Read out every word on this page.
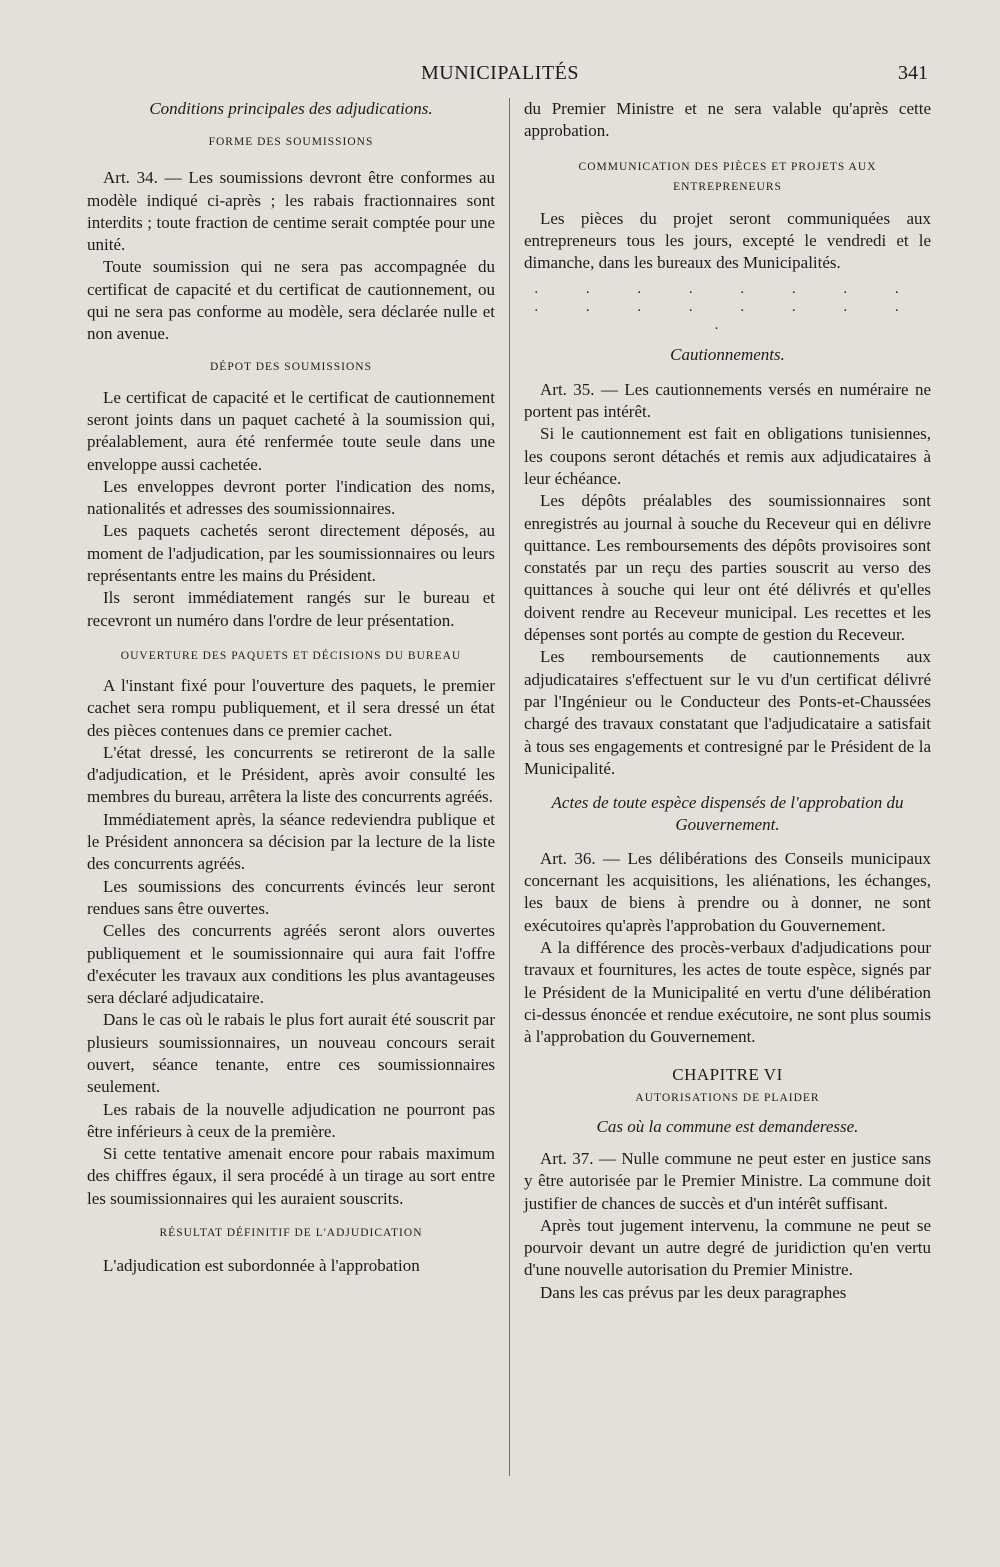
MUNICIPALITÉS	341
Conditions principales des adjudications.
FORME DES SOUMISSIONS

Art. 34. — Les soumissions devront être conformes au modèle indiqué ci-après ; les rabais fractionnaires sont interdits ; toute fraction de centime serait comptée pour une unité.

Toute soumission qui ne sera pas accompagnée du certificat de capacité et du certificat de cautionnement, ou qui ne sera pas conforme au modèle, sera déclarée nulle et non avenue.

DÉPOT DES SOUMISSIONS

Le certificat de capacité et le certificat de cautionnement seront joints dans un paquet cacheté à la soumission qui, préalablement, aura été renfermée toute seule dans une enveloppe aussi cachetée.

Les enveloppes devront porter l'indication des noms, nationalités et adresses des soumissionnaires.

Les paquets cachetés seront directement déposés, au moment de l'adjudication, par les soumissionnaires ou leurs représentants entre les mains du Président.

Ils seront immédiatement rangés sur le bureau et recevront un numéro dans l'ordre de leur présentation.

OUVERTURE DES PAQUETS ET DÉCISIONS DU BUREAU

A l'instant fixé pour l'ouverture des paquets, le premier cachet sera rompu publiquement, et il sera dressé un état des pièces contenues dans ce premier cachet.

L'état dressé, les concurrents se retireront de la salle d'adjudication, et le Président, après avoir consulté les membres du bureau, arrêtera la liste des concurrents agréés.

Immédiatement après, la séance redeviendra publique et le Président annoncera sa décision par la lecture de la liste des concurrents agréés.

Les soumissions des concurrents évincés leur seront rendues sans être ouvertes.

Celles des concurrents agréés seront alors ouvertes publiquement et le soumissionnaire qui aura fait l'offre d'exécuter les travaux aux conditions les plus avantageuses sera déclaré adjudicataire.

Dans le cas où le rabais le plus fort aurait été souscrit par plusieurs soumissionnaires, un nouveau concours serait ouvert, séance tenante, entre ces soumissionnaires seulement.

Les rabais de la nouvelle adjudication ne pourront pas être inférieurs à ceux de la première.

Si cette tentative amenait encore pour rabais maximum des chiffres égaux, il sera procédé à un tirage au sort entre les soumissionnaires qui les auraient souscrits.

RÉSULTAT DÉFINITIF DE L'ADJUDICATION

L'adjudication est subordonnée à l'approbation

du Premier Ministre et ne sera valable qu'après cette approbation.

COMMUNICATION DES PIÈCES ET PROJETS AUX
ENTREPRENEURS

Les pièces du projet seront communiquées aux entrepreneurs tous les jours, excepté le vendredi et le dimanche, dans les bureaux des Municipalités.

. . . . . . . . . . . . . . . . .
Cautionnements.

Art. 35. — Les cautionnements versés en numéraire ne portent pas intérêt.

Si le cautionnement est fait en obligations tunisiennes, les coupons seront détachés et remis aux adjudicataires à leur échéance.

Les dépôts préalables des soumissionnaires sont enregistrés au journal à souche du Receveur qui en délivre quittance. Les remboursements des dépôts provisoires sont constatés par un reçu des parties souscrit au verso des quittances à souche qui leur ont été délivrés et qu'elles doivent rendre au Receveur municipal. Les recettes et les dépenses sont portés au compte de gestion du Receveur.

Les remboursements de cautionnements aux adjudicataires s'effectuent sur le vu d'un certificat délivré par l'Ingénieur ou le Conducteur des Ponts-et-Chaussées chargé des travaux constatant que l'adjudicataire a satisfait à tous ses engagements et contresigné par le Président de la Municipalité.

Actes de toute espèce dispensés de l'approbation du
Gouvernement.

Art. 36. — Les délibérations des Conseils municipaux concernant les acquisitions, les aliénations, les échanges, les baux de biens à prendre ou à donner, ne sont exécutoires qu'après l'approbation du Gouvernement.

A la différence des procès-verbaux d'adjudications pour travaux et fournitures, les actes de toute espèce, signés par le Président de la Municipalité en vertu d'une délibération ci-dessus énoncée et rendue exécutoire, ne sont plus soumis à l'approbation du Gouvernement.

CHAPITRE VI
AUTORISATIONS DE PLAIDER
Cas où la commune est demanderesse.

Art. 37. — Nulle commune ne peut ester en justice sans y être autorisée par le Premier Ministre. La commune doit justifier de chances de succès et d'un intérêt suffisant.

Après tout jugement intervenu, la commune ne peut se pourvoir devant un autre degré de juridiction qu'en vertu d'une nouvelle autorisation du Premier Ministre.

Dans les cas prévus par les deux paragraphes
